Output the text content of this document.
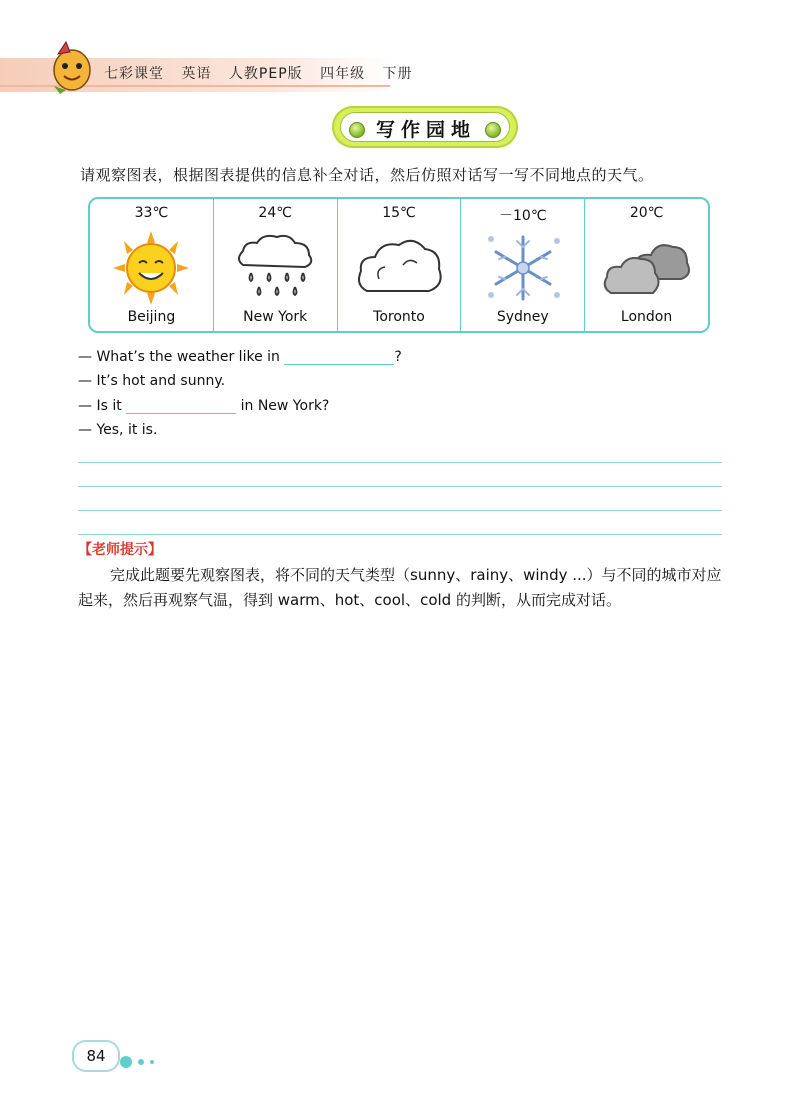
七彩课堂 英语 人教PEP版 四年级 下册
写作园地
请观察图表，根据图表提供的信息补全对话，然后仿照对话写一写不同地点的天气。
33℃
Beijing
24℃
New York
15℃
Toronto
－10℃
Sydney
20℃
London
— What’s the weather like in	?
— It’s hot and sunny.
— Is it	in New York?
— Yes, it is.
【老师提示】
完成此题要先观察图表，将不同的天气类型（sunny、rainy、windy ...）与不同的城市对应起来，然后再观察气温，得到 warm、hot、cool、cold 的判断，从而完成对话。
84
